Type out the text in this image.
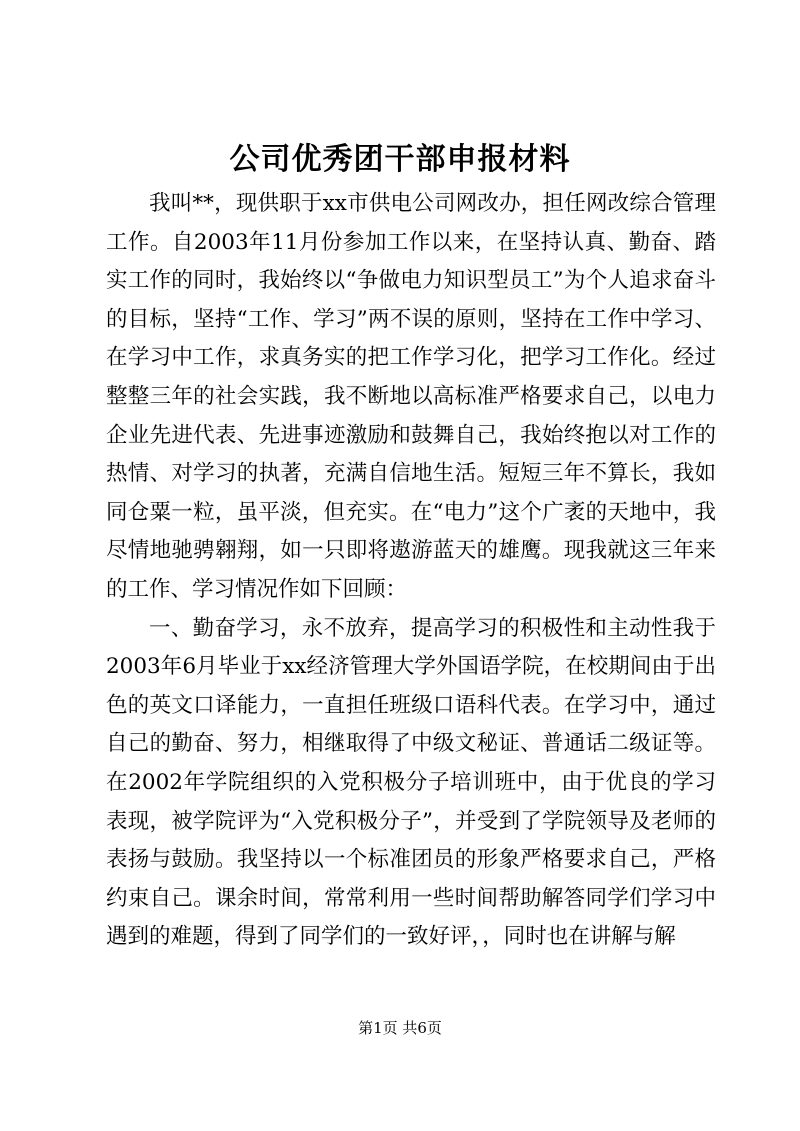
公司优秀团干部申报材料

我叫**，现供职于xx市供电公司网改办，担任网改综合管理工作。自2003年11月份参加工作以来，在坚持认真、勤奋、踏实工作的同时，我始终以“争做电力知识型员工”为个人追求奋斗的目标，坚持“工作、学习”两不误的原则，坚持在工作中学习、在学习中工作，求真务实的把工作学习化，把学习工作化。经过整整三年的社会实践，我不断地以高标准严格要求自己，以电力企业先进代表、先进事迹激励和鼓舞自己，我始终抱以对工作的热情、对学习的执著，充满自信地生活。短短三年不算长，我如同仓粟一粒，虽平淡，但充实。在“电力”这个广袤的天地中，我尽情地驰骋翱翔，如一只即将遨游蓝天的雄鹰。现我就这三年来的工作、学习情况作如下回顾：

一、勤奋学习，永不放弃，提高学习的积极性和主动性我于2003年6月毕业于xx经济管理大学外国语学院，在校期间由于出色的英文口译能力，一直担任班级口语科代表。在学习中，通过自己的勤奋、努力，相继取得了中级文秘证、普通话二级证等。在2002年学院组织的入党积极分子培训班中，由于优良的学习表现，被学院评为“入党积极分子”，并受到了学院领导及老师的表扬与鼓励。我坚持以一个标准团员的形象严格要求自己，严格约束自己。课余时间，常常利用一些时间帮助解答同学们学习中遇到的难题，得到了同学们的一致好评，，同时也在讲解与解

第1页 共6页
